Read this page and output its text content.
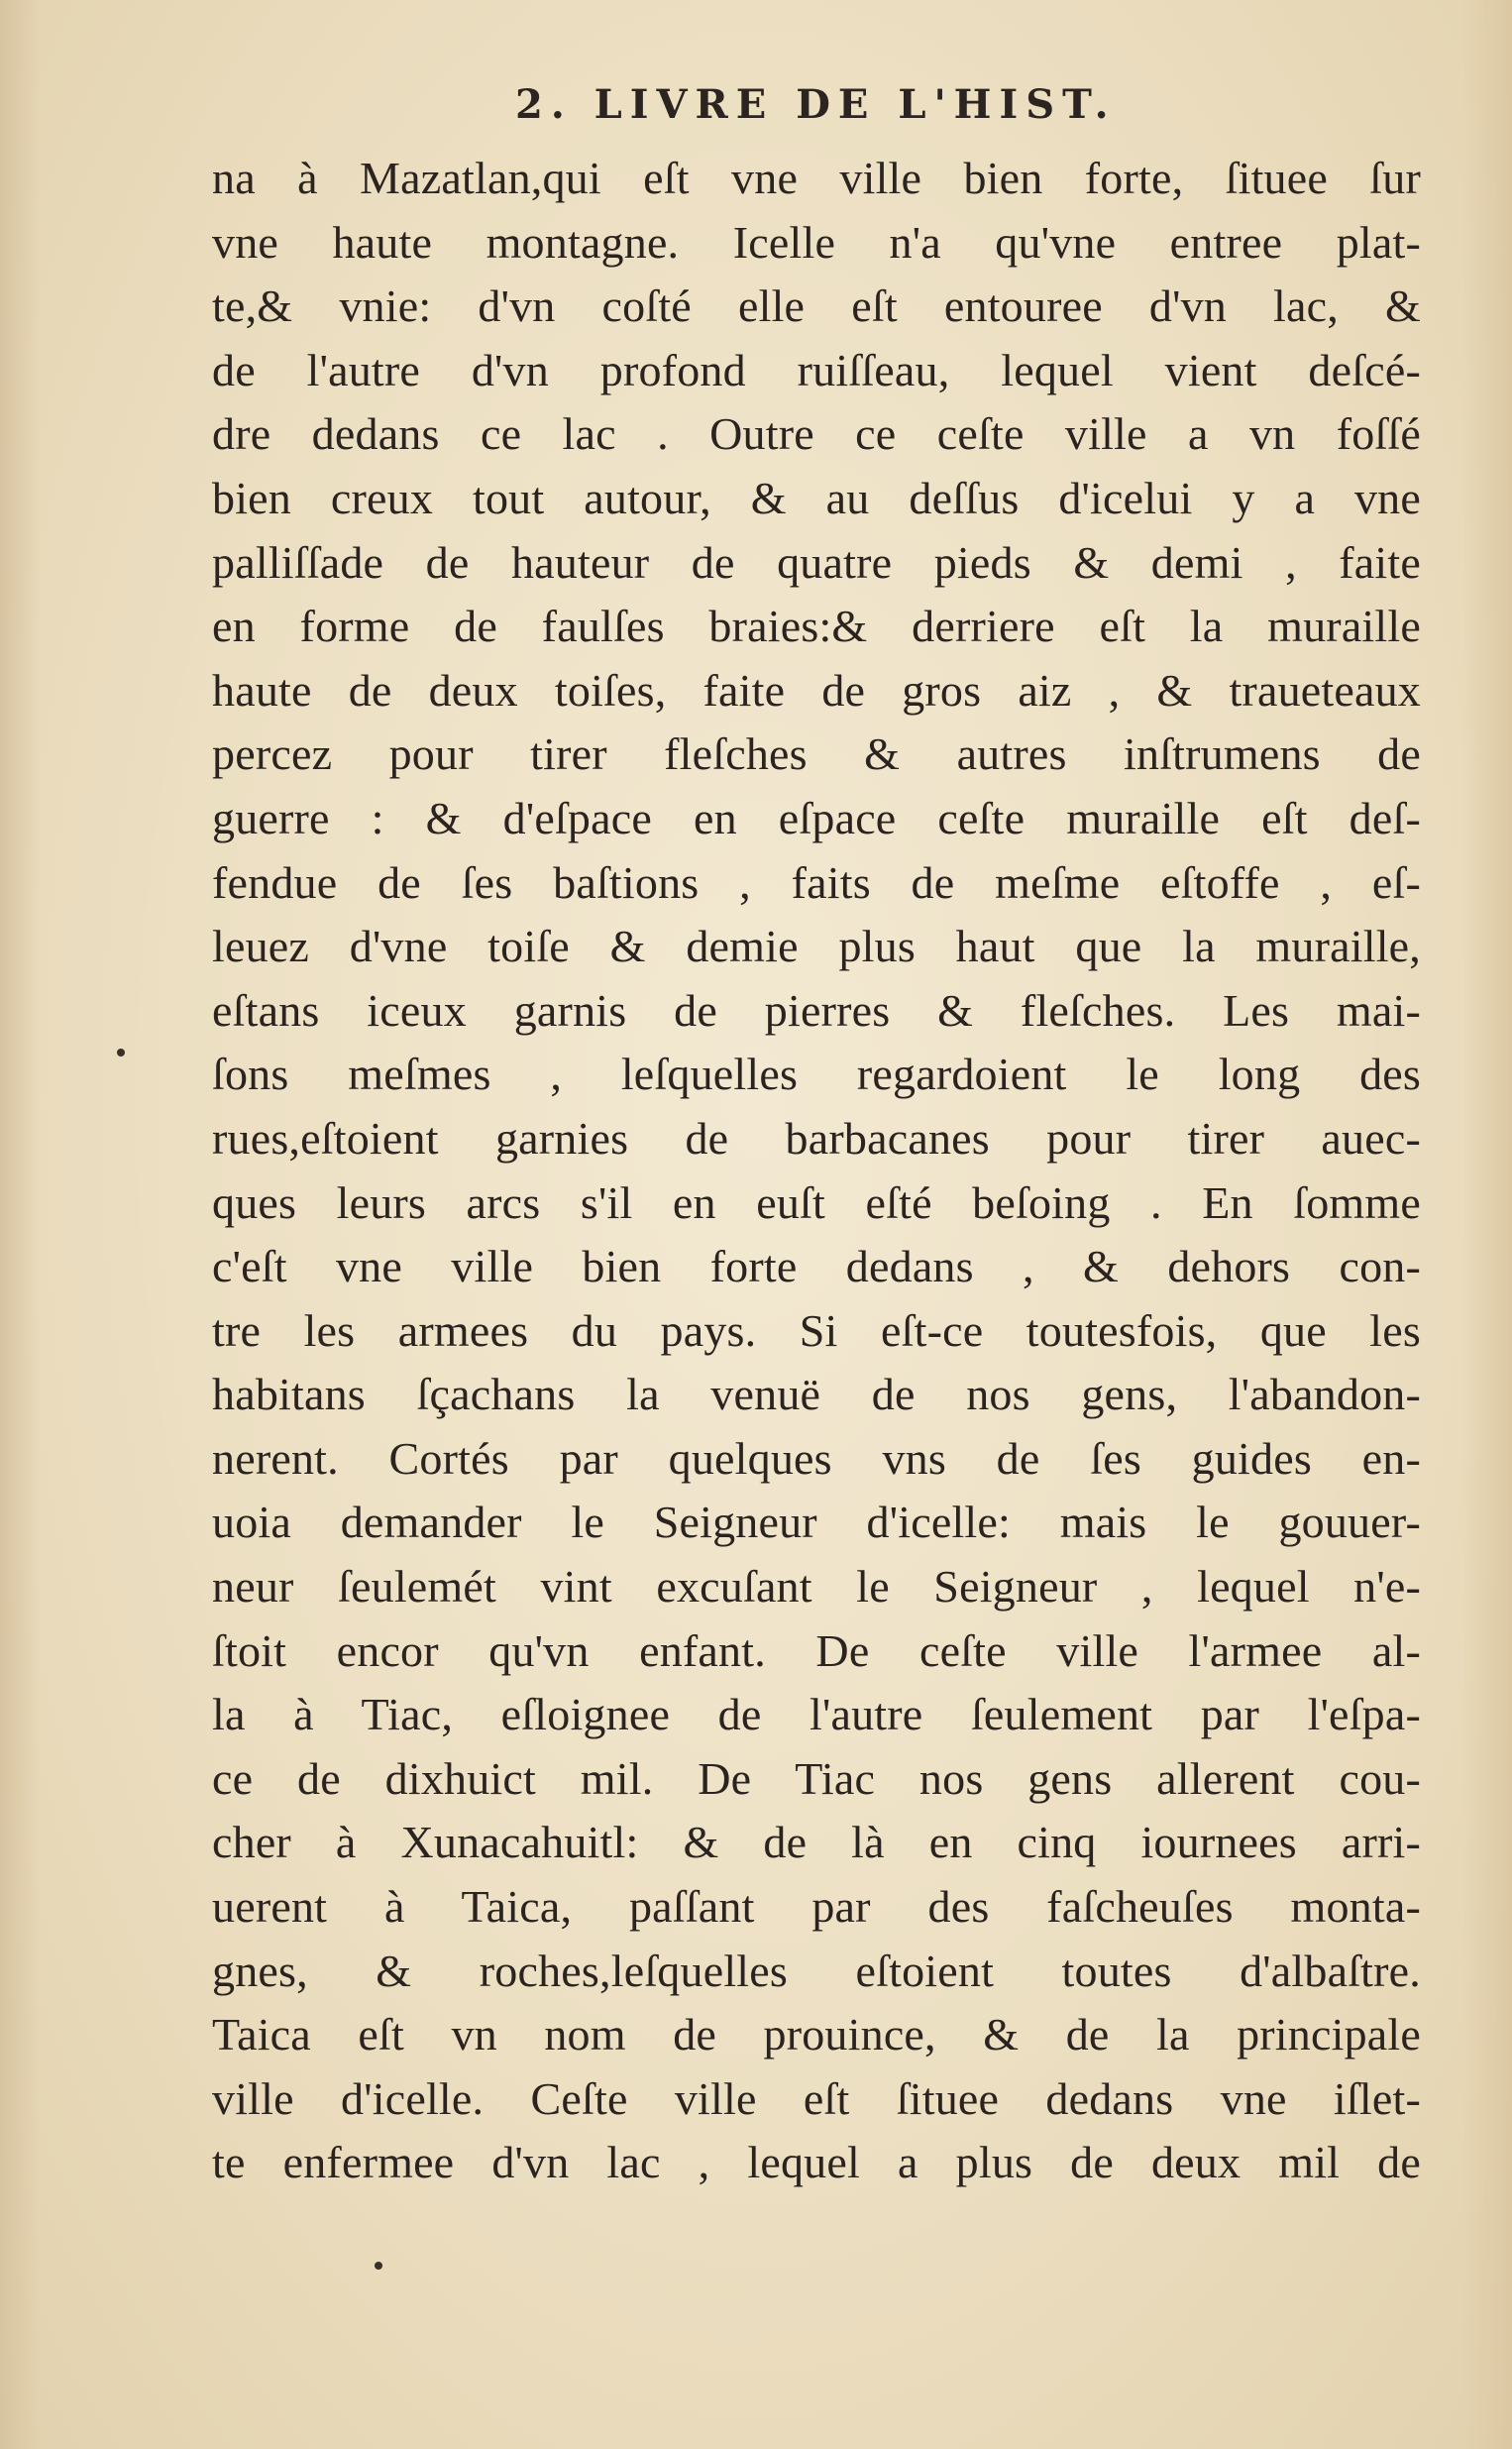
2. LIVRE DE L'HIST.
na à Mazatlan,qui eſt vne ville bien forte, ſituee ſur
vne haute montagne. Icelle n'a qu'vne entree plat-
te,& vnie: d'vn coſté elle eſt entouree d'vn lac, &
de l'autre d'vn profond ruiſſeau, lequel vient deſcé-
dre dedans ce lac . Outre ce ceſte ville a vn foſſé
bien creux tout autour, & au deſſus d'icelui y a vne
palliſſade de hauteur de quatre pieds & demi , faite
en forme de faulſes braies:& derriere eſt la muraille
haute de deux toiſes, faite de gros aiz , & traueteaux
percez pour tirer fleſches & autres inſtrumens de
guerre : & d'eſpace en eſpace ceſte muraille eſt deſ-
fendue de ſes baſtions , faits de meſme eſtoffe , eſ-
leuez d'vne toiſe & demie plus haut que la muraille,
eſtans iceux garnis de pierres & fleſches. Les mai-
ſons meſmes , leſquelles regardoient le long des
rues,eſtoient garnies de barbacanes pour tirer auec-
ques leurs arcs s'il en euſt eſté beſoing . En ſomme
c'eſt vne ville bien forte dedans , & dehors con-
tre les armees du pays. Si eſt-ce toutesfois, que les
habitans ſçachans la venuë de nos gens, l'abandon-
nerent. Cortés par quelques vns de ſes guides en-
uoia demander le Seigneur d'icelle: mais le gouuer-
neur ſeulemét vint excuſant le Seigneur , lequel n'e-
ſtoit encor qu'vn enfant. De ceſte ville l'armee al-
la à Tiac, eſloignee de l'autre ſeulement par l'eſpa-
ce de dixhuict mil. De Tiac nos gens allerent cou-
cher à Xunacahuitl: & de là en cinq iournees arri-
uerent à Taica, paſſant par des faſcheuſes monta-
gnes, & roches,leſquelles eſtoient toutes d'albaſtre.
Taica eſt vn nom de prouince, & de la principale
ville d'icelle. Ceſte ville eſt ſituee dedans vne iſlet-
te enfermee d'vn lac , lequel a plus de deux mil de
